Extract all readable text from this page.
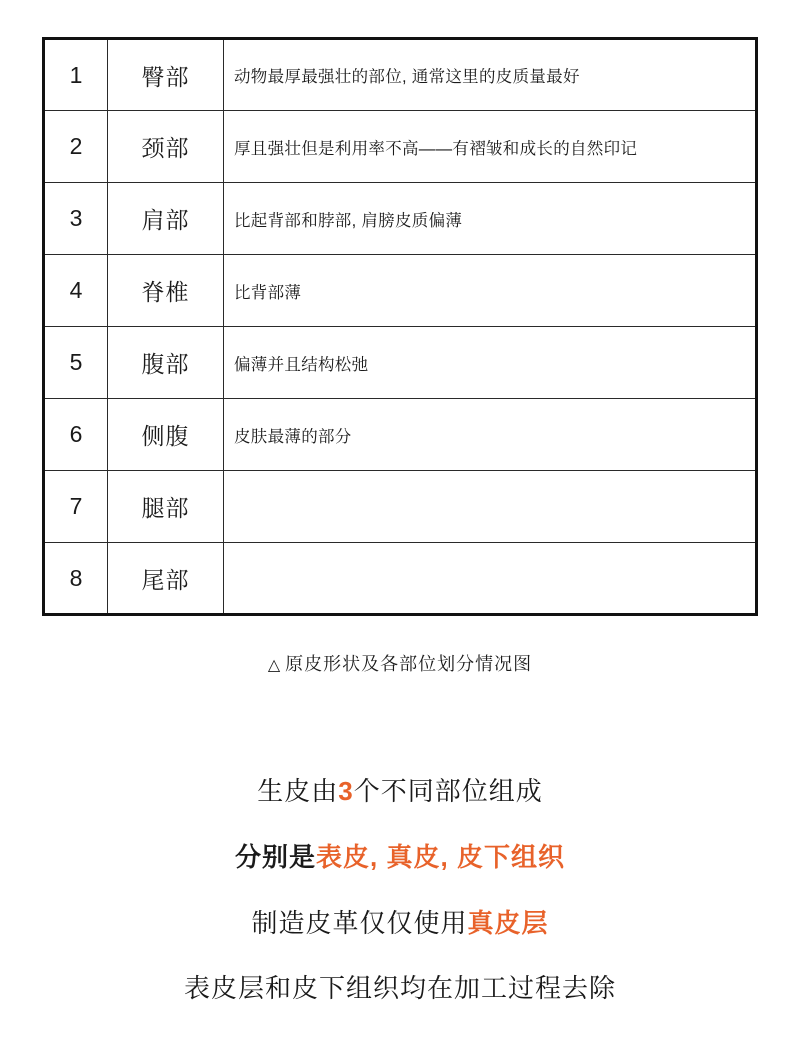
1	臀部	动物最厚最强壮的部位, 通常这里的皮质量最好
2	颈部	厚且强壮但是利用率不高——有褶皱和成长的自然印记
3	肩部	比起背部和脖部, 肩膀皮质偏薄
4	脊椎	比背部薄
5	腹部	偏薄并且结构松弛
6	侧腹	皮肤最薄的部分
7	腿部	
8	尾部	
△ 原皮形状及各部位划分情况图
生皮由3个不同部位组成
分别是表皮, 真皮, 皮下组织
制造皮革仅仅使用真皮层
表皮层和皮下组织均在加工过程去除
